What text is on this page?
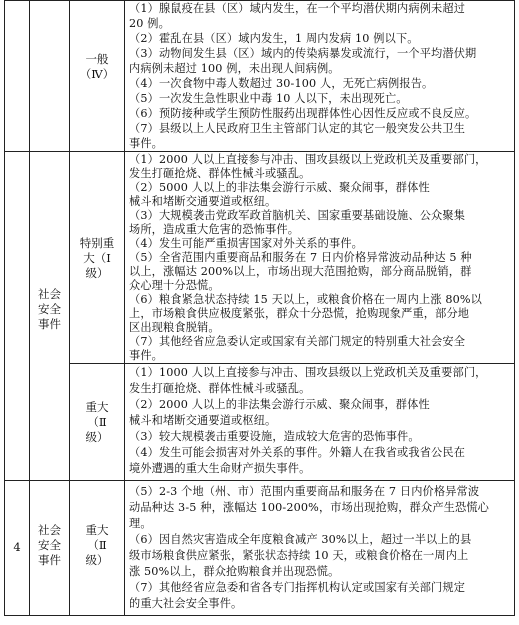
一般
（Ⅳ）
（1）腺鼠疫在县（区）域内发生，在一个平均潜伏期内病例未超过
20 例。
（2）霍乱在县（区）域内发生，1 周内发病 10 例以下。
（3）动物间发生县（区）域内的传染病暴发或流行，一个平均潜伏期
内病例未超过 100 例，未出现人间病例。
（4）一次食物中毒人数超过 30-100 人，无死亡病例报告。
（5）一次发生急性职业中毒 10 人以下，未出现死亡。
（6）预防接种或学生预防性服药出现群体性心因性反应或不良反应。
（7）县级以上人民政府卫生主管部门认定的其它一般突发公共卫生
事件。
社会
安全
事件
特别重
大（Ⅰ
级）
（1）2000 人以上直接参与冲击、围攻县级以上党政机关及重要部门，
发生打砸抢烧、群体性械斗或骚乱。
（2）5000 人以上的非法集会游行示威、聚众闹事，群体性
械斗和堵断交通要道或枢纽。
（3）大规模袭击党政军政首脑机关、国家重要基础设施、公众聚集
场所，造成重大危害的恐怖事件。
（4）发生可能严重损害国家对外关系的事件。
（5）全省范围内重要商品和服务在 7 日内价格异常波动品种达 5 种
以上，涨幅达 200%以上，市场出现大范围抢购，部分商品脱销，群
众心理十分恐慌。
（6）粮食紧急状态持续 15 天以上，或粮食价格在一周内上涨 80%以
上，市场粮食供应极度紧张，群众十分恐慌，抢购现象严重，部分地
区出现粮食脱销。
（7）其他经省应急委认定或国家有关部门规定的特别重大社会安全
事件。
重大
（Ⅱ
级）
（1）1000 人以上直接参与冲击、围攻县级以上党政机关及重要部门，
发生打砸抢烧、群体性械斗或骚乱。
（2）2000 人以上的非法集会游行示威、聚众闹事，群体性
械斗和堵断交通要道或枢纽。
（3）较大规模袭击重要设施，造成较大危害的恐怖事件。
（4）发生可能会损害对外关系的事件。外籍人在我省或我省公民在
境外遭遇的重大生命财产损失事件。
4
社会
安全
事件
重大
（Ⅱ
级）
（5）2-3 个地（州、市）范围内重要商品和服务在 7 日内价格异常波
动品种达 3-5 种，涨幅达 100-200%，市场出现抢购，群众产生恐慌心
理。
（6）因自然灾害造成全年度粮食减产 30%以上，超过一半以上的县
级市场粮食供应紧张，紧张状态持续 10 天，或粮食价格在一周内上
涨 50%以上，群众抢购粮食并出现恐慌。
（7）其他经省应急委和省各专门指挥机构认定或国家有关部门规定
的重大社会安全事件。
